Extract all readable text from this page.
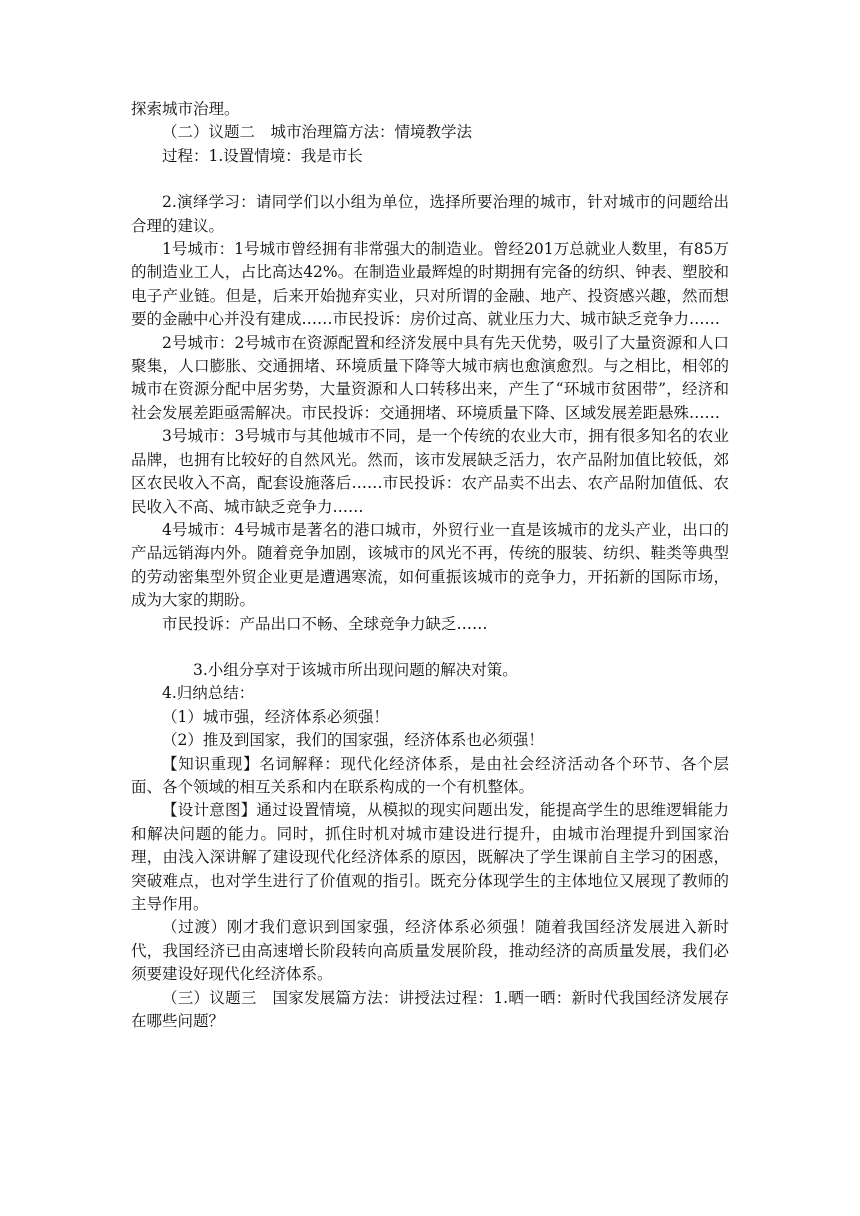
探索城市治理。

（二）议题二　城市治理篇方法：情境教学法

过程：1.设置情境：我是市长

2.演绎学习：请同学们以小组为单位，选择所要治理的城市，针对城市的问题给出合理的建议。

1号城市：1号城市曾经拥有非常强大的制造业。曾经201万总就业人数里，有85万的制造业工人，占比高达42%。在制造业最辉煌的时期拥有完备的纺织、钟表、塑胶和电子产业链。但是，后来开始抛弃实业，只对所谓的金融、地产、投资感兴趣，然而想要的金融中心并没有建成……市民投诉：房价过高、就业压力大、城市缺乏竞争力……

2号城市：2号城市在资源配置和经济发展中具有先天优势，吸引了大量资源和人口聚集，人口膨胀、交通拥堵、环境质量下降等大城市病也愈演愈烈。与之相比，相邻的城市在资源分配中居劣势，大量资源和人口转移出来，产生了“环城市贫困带”，经济和社会发展差距亟需解决。市民投诉：交通拥堵、环境质量下降、区域发展差距悬殊……

3号城市：3号城市与其他城市不同，是一个传统的农业大市，拥有很多知名的农业品牌，也拥有比较好的自然风光。然而，该市发展缺乏活力，农产品附加值比较低，郊区农民收入不高，配套设施落后……市民投诉：农产品卖不出去、农产品附加值低、农民收入不高、城市缺乏竞争力……

4号城市：4号城市是著名的港口城市，外贸行业一直是该城市的龙头产业，出口的产品远销海内外。随着竞争加剧，该城市的风光不再，传统的服装、纺织、鞋类等典型的劳动密集型外贸企业更是遭遇寒流，如何重振该城市的竞争力，开拓新的国际市场，成为大家的期盼。

市民投诉：产品出口不畅、全球竞争力缺乏……

3.小组分享对于该城市所出现问题的解决对策。

4.归纳总结：

（1）城市强，经济体系必须强！

（2）推及到国家，我们的国家强，经济体系也必须强！

【知识重现】名词解释：现代化经济体系，是由社会经济活动各个环节、各个层面、各个领域的相互关系和内在联系构成的一个有机整体。

【设计意图】通过设置情境，从模拟的现实问题出发，能提高学生的思维逻辑能力和解决问题的能力。同时，抓住时机对城市建设进行提升，由城市治理提升到国家治理，由浅入深讲解了建设现代化经济体系的原因，既解决了学生课前自主学习的困惑，突破难点，也对学生进行了价值观的指引。既充分体现学生的主体地位又展现了教师的主导作用。

（过渡）刚才我们意识到国家强，经济体系必须强！随着我国经济发展进入新时代，我国经济已由高速增长阶段转向高质量发展阶段，推动经济的高质量发展，我们必须要建设好现代化经济体系。

（三）议题三　国家发展篇方法：讲授法过程：1.晒一晒：新时代我国经济发展存在哪些问题？
